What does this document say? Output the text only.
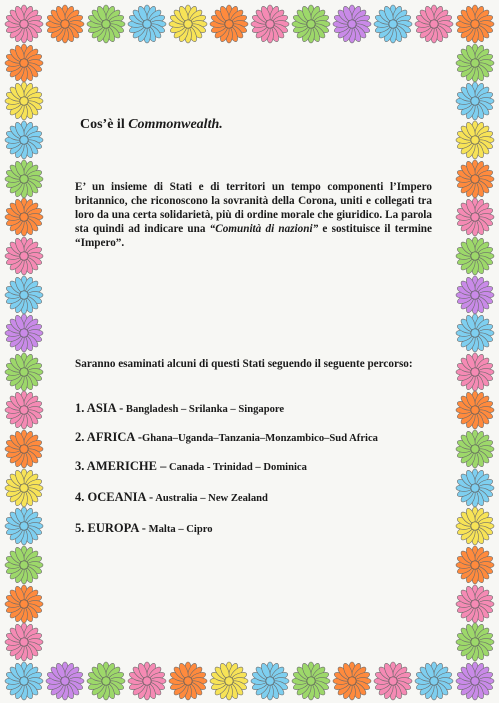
Cos’è il Commonwealth.
E’ un insieme di Stati e di territori un tempo componenti l’Impero britannico, che riconoscono la sovranità della Corona, uniti e collegati tra loro da una certa solidarietà, più di ordine morale che giuridico. La parola sta quindi ad indicare una “Comunità di nazioni” e sostituisce il termine “Impero”.
Saranno esaminati alcuni di questi Stati seguendo il seguente percorso:
1. ASIA - Bangladesh – Srilanka – Singapore
2. AFRICA -Ghana–Uganda–Tanzania–Monzambico–Sud Africa
3. AMERICHE – Canada - Trinidad – Dominica
4. OCEANIA - Australia – New Zealand
5. EUROPA - Malta – Cipro
